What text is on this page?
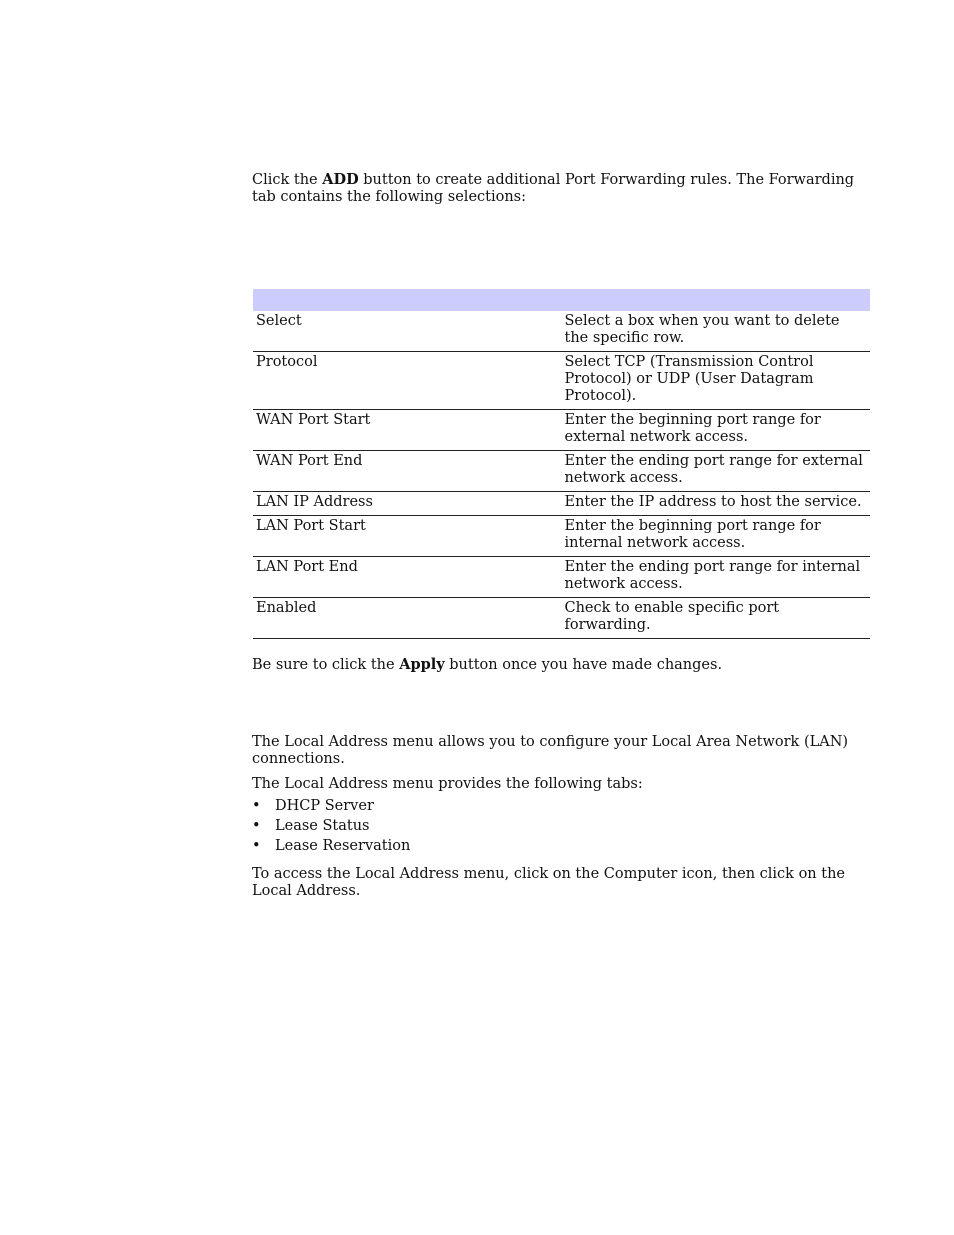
Click the ADD button to create additional Port Forwarding rules. The Forwarding tab contains the following selections:

Select	Select a box when you want to delete the specific row.
Protocol	Select TCP (Transmission Control Protocol) or UDP (User Datagram Protocol).
WAN Port Start	Enter the beginning port range for external network access.
WAN Port End	Enter the ending port range for external network access.
LAN IP Address	Enter the IP address to host the service.
LAN Port Start	Enter the beginning port range for internal network access.
LAN Port End	Enter the ending port range for internal network access.
Enabled	Check to enable specific port forwarding.

Be sure to click the Apply button once you have made changes.

The Local Address menu allows you to configure your Local Area Network (LAN) connections.

The Local Address menu provides the following tabs:

• DHCP Server
• Lease Status
• Lease Reservation

To access the Local Address menu, click on the Computer icon, then click on the Local Address.
